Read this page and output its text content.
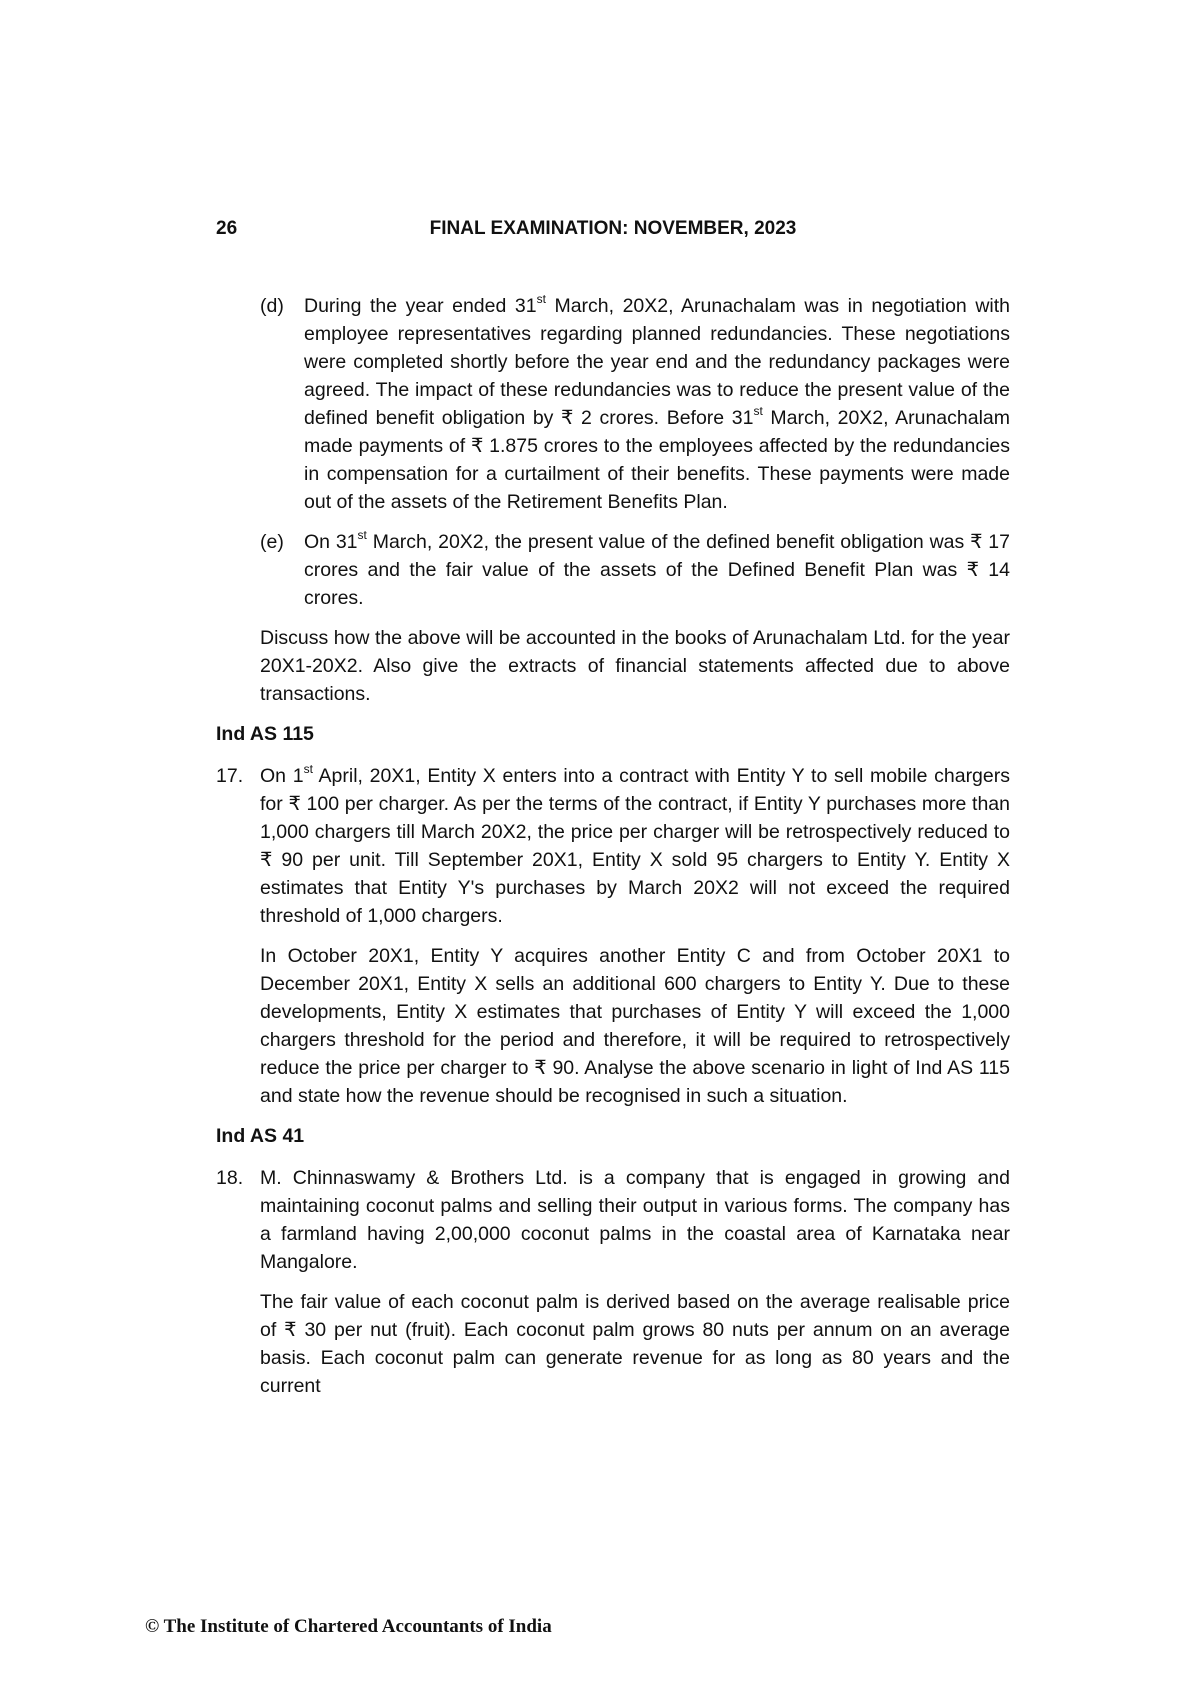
26	FINAL EXAMINATION: NOVEMBER, 2023
(d) During the year ended 31st March, 20X2, Arunachalam was in negotiation with employee representatives regarding planned redundancies. These negotiations were completed shortly before the year end and the redundancy packages were agreed. The impact of these redundancies was to reduce the present value of the defined benefit obligation by ₹ 2 crores. Before 31st March, 20X2, Arunachalam made payments of ₹ 1.875 crores to the employees affected by the redundancies in compensation for a curtailment of their benefits. These payments were made out of the assets of the Retirement Benefits Plan.
(e) On 31st March, 20X2, the present value of the defined benefit obligation was ₹ 17 crores and the fair value of the assets of the Defined Benefit Plan was ₹ 14 crores.
Discuss how the above will be accounted in the books of Arunachalam Ltd. for the year 20X1-20X2. Also give the extracts of financial statements affected due to above transactions.
Ind AS 115
17. On 1st April, 20X1, Entity X enters into a contract with Entity Y to sell mobile chargers for ₹ 100 per charger. As per the terms of the contract, if Entity Y purchases more than 1,000 chargers till March 20X2, the price per charger will be retrospectively reduced to ₹ 90 per unit. Till September 20X1, Entity X sold 95 chargers to Entity Y. Entity X estimates that Entity Y's purchases by March 20X2 will not exceed the required threshold of 1,000 chargers.
In October 20X1, Entity Y acquires another Entity C and from October 20X1 to December 20X1, Entity X sells an additional 600 chargers to Entity Y. Due to these developments, Entity X estimates that purchases of Entity Y will exceed the 1,000 chargers threshold for the period and therefore, it will be required to retrospectively reduce the price per charger to ₹ 90. Analyse the above scenario in light of Ind AS 115 and state how the revenue should be recognised in such a situation.
Ind AS 41
18. M. Chinnaswamy & Brothers Ltd. is a company that is engaged in growing and maintaining coconut palms and selling their output in various forms. The company has a farmland having 2,00,000 coconut palms in the coastal area of Karnataka near Mangalore.
The fair value of each coconut palm is derived based on the average realisable price of ₹ 30 per nut (fruit). Each coconut palm grows 80 nuts per annum on an average basis. Each coconut palm can generate revenue for as long as 80 years and the current
© The Institute of Chartered Accountants of India
